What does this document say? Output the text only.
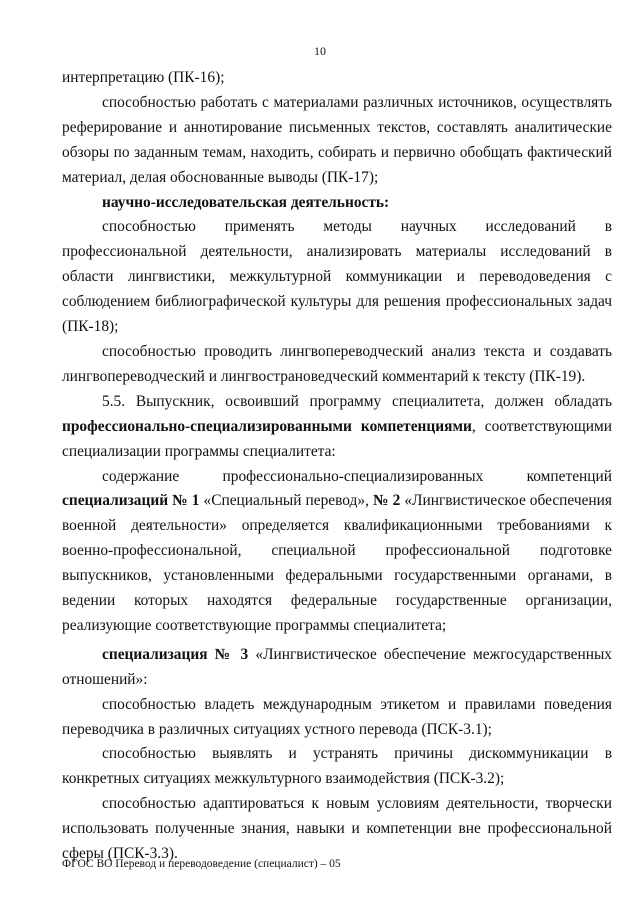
10

интерпретацию (ПК-16);

способностью работать с материалами различных источников, осуществлять реферирование и аннотирование письменных текстов, составлять аналитические обзоры по заданным темам, находить, собирать и первично обобщать фактический материал, делая обоснованные выводы (ПК-17);

научно-исследовательская деятельность:

способностью применять методы научных исследований в профессиональной деятельности, анализировать материалы исследований в области лингвистики, межкультурной коммуникации и переводоведения с соблюдением библиографической культуры для решения профессиональных задач (ПК-18);

способностью проводить лингвопереводческий анализ текста и создавать лингвопереводческий и лингвострановедческий комментарий к тексту (ПК-19).

5.5. Выпускник, освоивший программу специалитета, должен обладать профессионально-специализированными компетенциями, соответствующими специализации программы специалитета:

содержание профессионально-специализированных компетенций специализаций № 1 «Специальный перевод», № 2 «Лингвистическое обеспечения военной деятельности» определяется квалификационными требованиями к военно-профессиональной, специальной профессиональной подготовке выпускников, установленными федеральными государственными органами, в ведении которых находятся федеральные государственные организации, реализующие соответствующие программы специалитета;

специализация № 3 «Лингвистическое обеспечение межгосударственных отношений»:

способностью владеть международным этикетом и правилами поведения переводчика в различных ситуациях устного перевода (ПСК-3.1);

способностью выявлять и устранять причины дискоммуникации в конкретных ситуациях межкультурного взаимодействия (ПСК-3.2);

способностью адаптироваться к новым условиям деятельности, творчески использовать полученные знания, навыки и компетенции вне профессиональной сферы (ПСК-3.3).

ФГОС ВО Перевод и переводоведение (специалист) – 05
